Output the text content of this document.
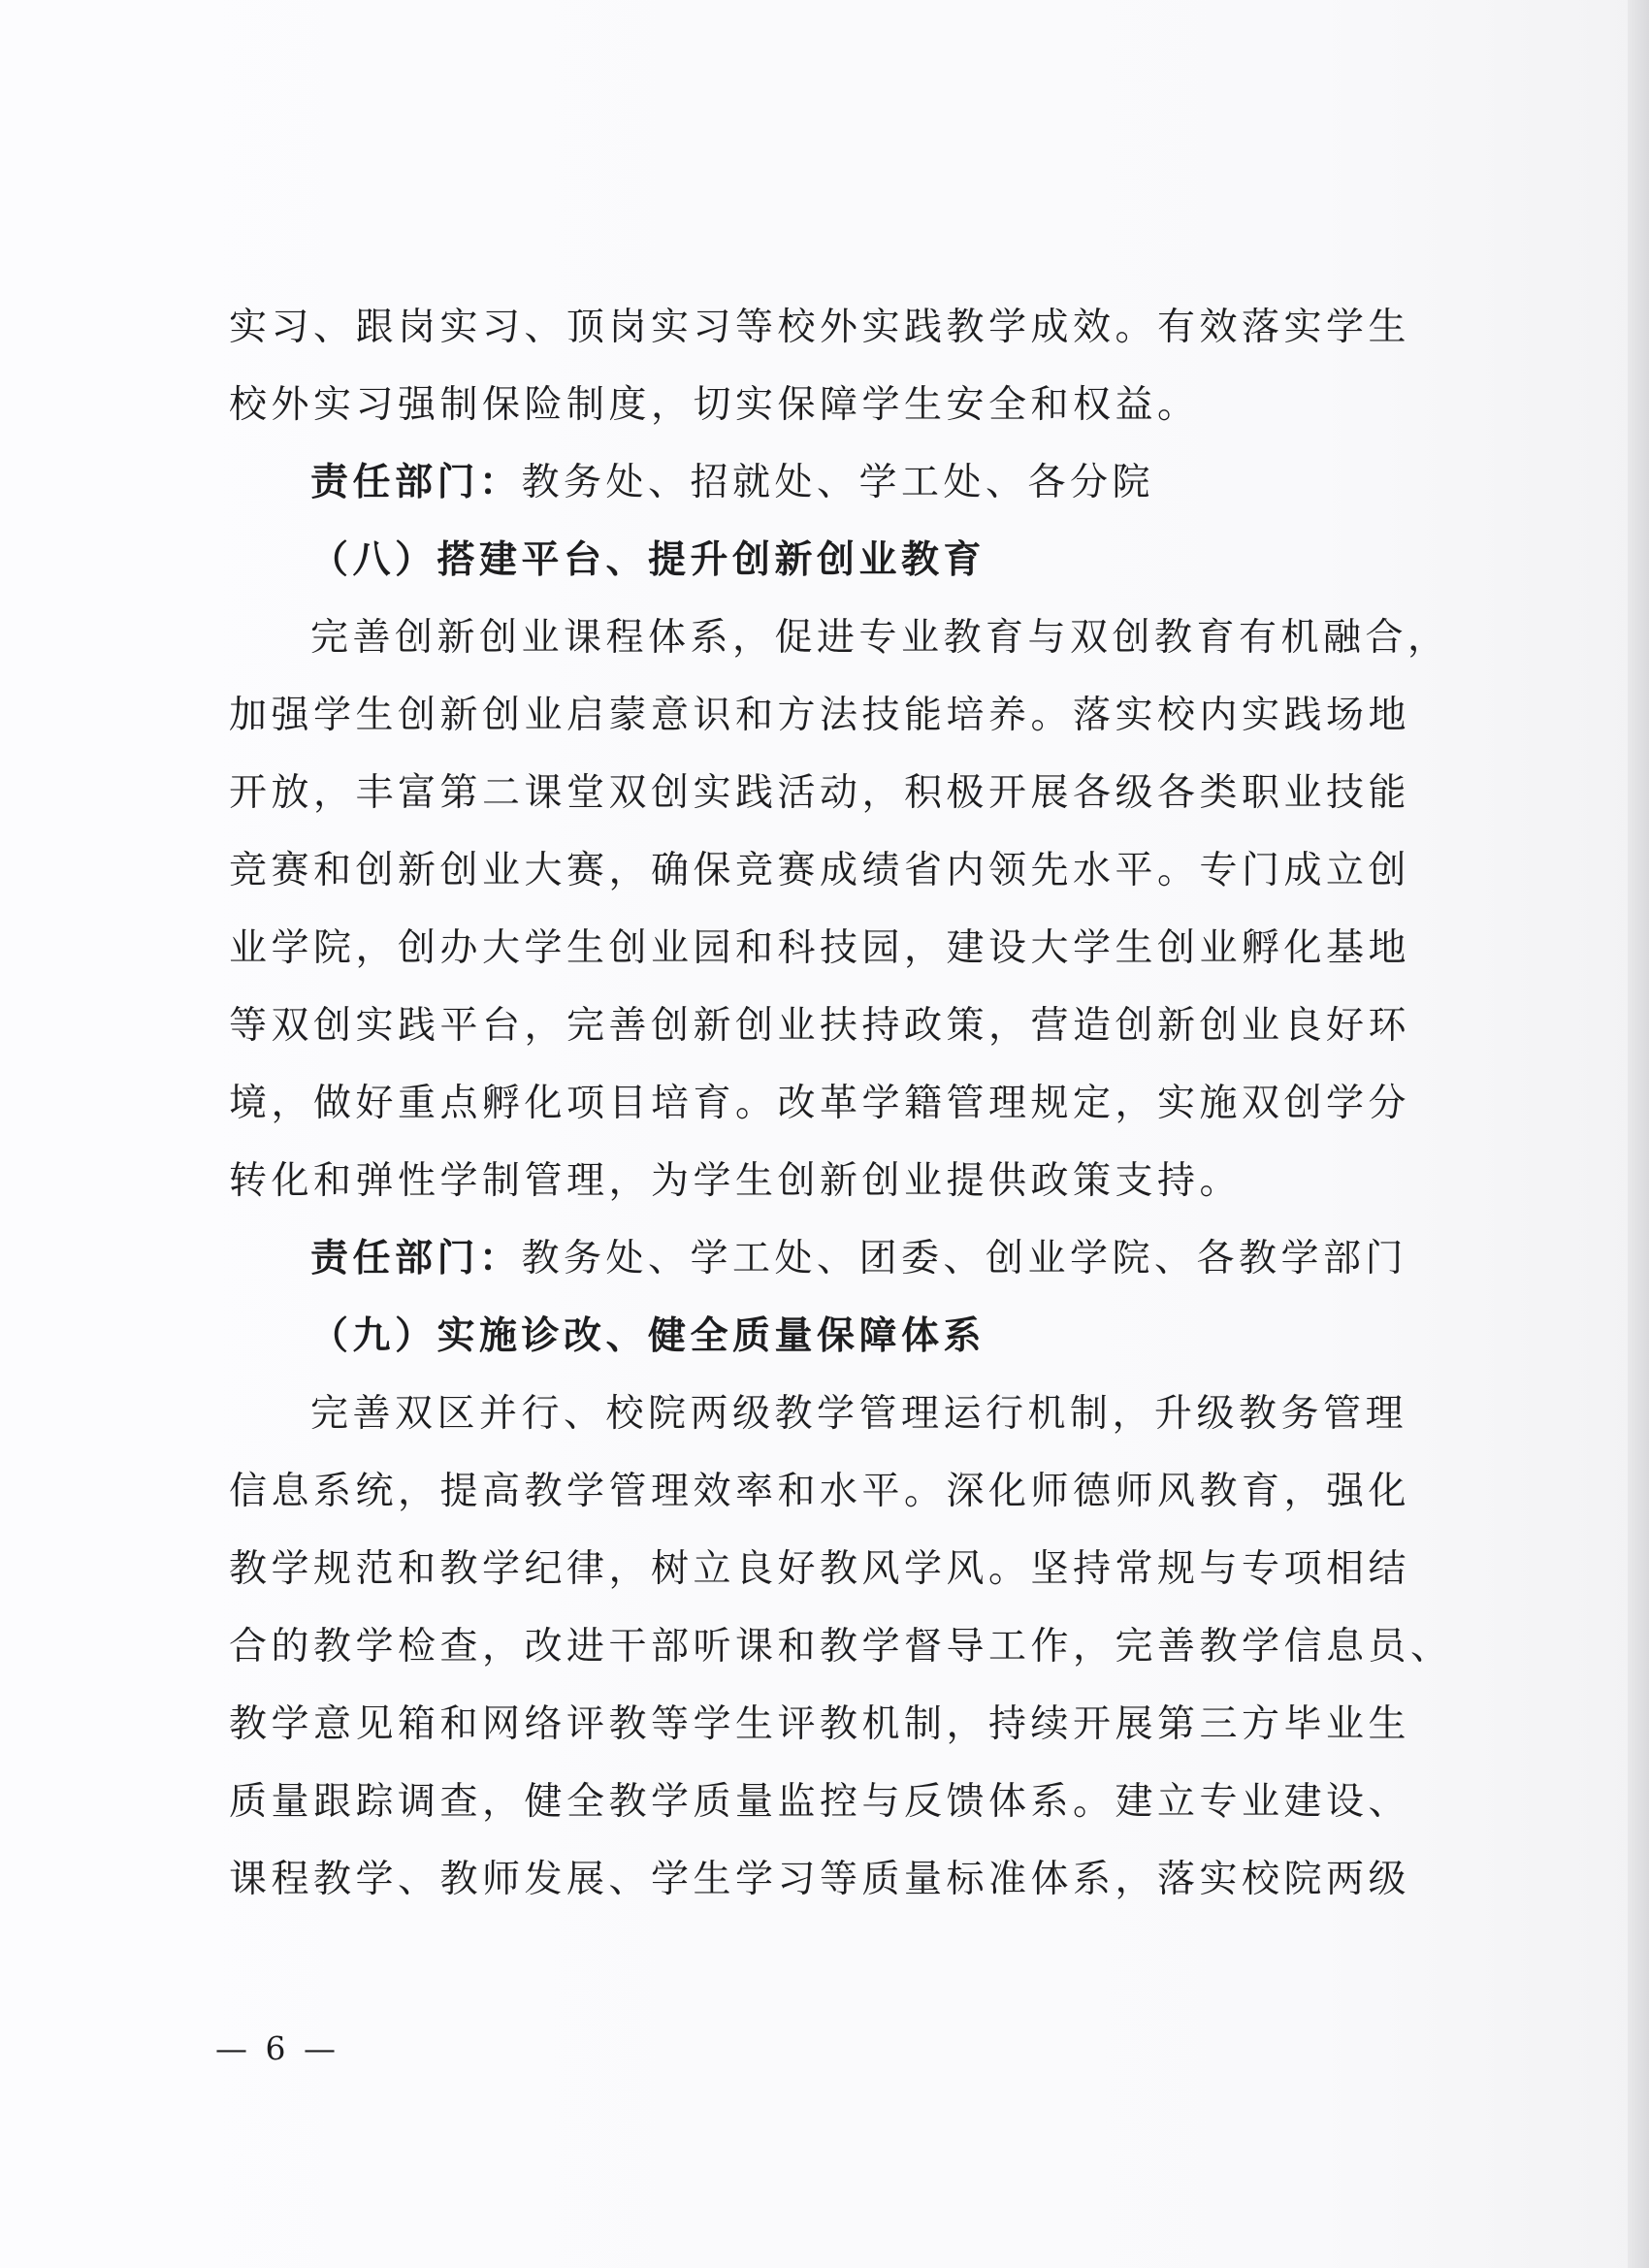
实习、跟岗实习、顶岗实习等校外实践教学成效。有效落实学生
校外实习强制保险制度，切实保障学生安全和权益。
责任部门：教务处、招就处、学工处、各分院
（八）搭建平台、提升创新创业教育
完善创新创业课程体系，促进专业教育与双创教育有机融合，
加强学生创新创业启蒙意识和方法技能培养。落实校内实践场地
开放，丰富第二课堂双创实践活动，积极开展各级各类职业技能
竞赛和创新创业大赛，确保竞赛成绩省内领先水平。专门成立创
业学院，创办大学生创业园和科技园，建设大学生创业孵化基地
等双创实践平台，完善创新创业扶持政策，营造创新创业良好环
境，做好重点孵化项目培育。改革学籍管理规定，实施双创学分
转化和弹性学制管理，为学生创新创业提供政策支持。
责任部门：教务处、学工处、团委、创业学院、各教学部门
（九）实施诊改、健全质量保障体系
完善双区并行、校院两级教学管理运行机制，升级教务管理
信息系统，提高教学管理效率和水平。深化师德师风教育，强化
教学规范和教学纪律，树立良好教风学风。坚持常规与专项相结
合的教学检查，改进干部听课和教学督导工作，完善教学信息员、
教学意见箱和网络评教等学生评教机制，持续开展第三方毕业生
质量跟踪调查，健全教学质量监控与反馈体系。建立专业建设、
课程教学、教师发展、学生学习等质量标准体系，落实校院两级
— 6 —
